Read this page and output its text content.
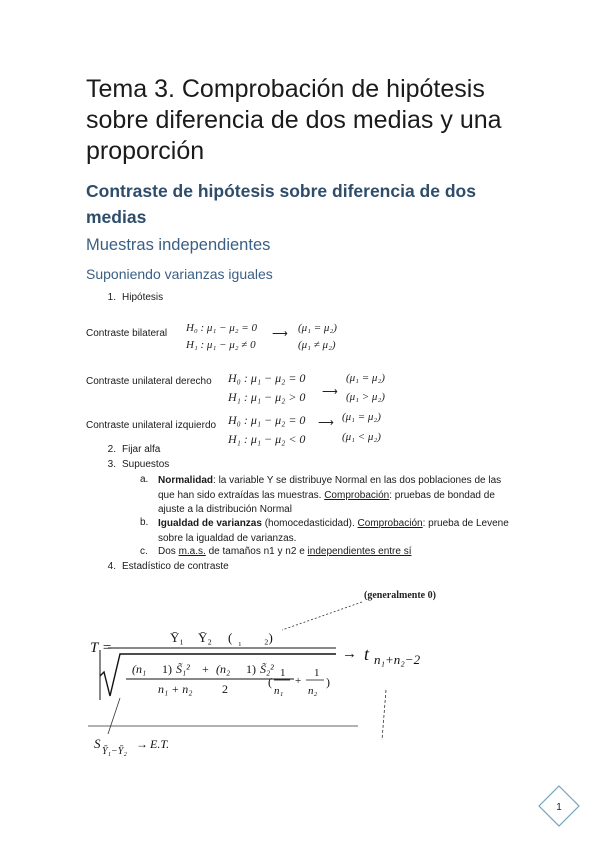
Tema 3. Comprobación de hipótesis sobre diferencia de dos medias y una proporción
Contraste de hipótesis sobre diferencia de dos medias
Muestras independientes
Suponiendo varianzas iguales
1. Hipótesis
Contraste bilateral H₀ : μ₁ − μ₂ = 0
H₁ : μ₁ − μ₂ ≠ 0
⟶ (μ₁ = μ₂)
(μ₁ ≠ μ₂)
Contraste unilateral derecho H₀ : μ₁ − μ₂ = 0
H₁ : μ₁ − μ₂ > 0 ⟶
(μ₁ = μ₂)
(μ₁ > μ₂)
Contraste unilateral izquierdo H₀ : μ₁ − μ₂ = 0
H₁ : μ₁ − μ₂ < 0
⟶ (μ₁ = μ₂)
(μ₁ < μ₂)
2. Fijar alfa
3. Supuestos
a. Normalidad: la variable Y se distribuye Normal en las dos poblaciones de las que han sido extraídas las muestras. Comprobación: pruebas de bondad de ajuste a la distribución Normal
b. Igualdad de varianzas (homocedasticidad). Comprobación: prueba de Levene sobre la igualdad de varianzas.
c.	Dos m.a.s. de tamaños n1 y n2 e independientes entre sí
4. Estadístico de contraste
(generalmente 0)
T =
Ȳ₁ Ȳ₂ ( ₁ ₂)
(n₁ 1) S̃₁² + (n₂ 1) S̃₂²
n₁ + n₂ 2	(
1
n₁
+
1
n₂
)
→ t n₁+n₂−2
S
Ȳ₁−Ȳ₂
→ E.T.
1
